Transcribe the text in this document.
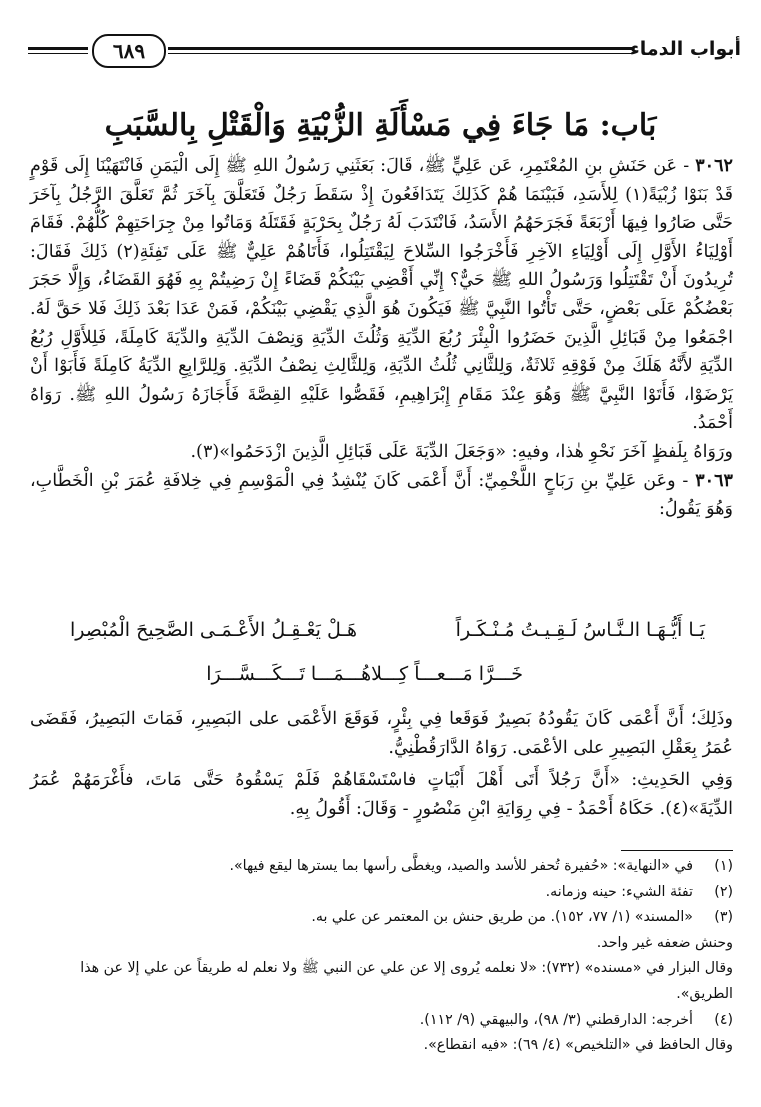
أبواب الدماء
٦٨٩
بَاب: مَا جَاءَ فِي مَسْأَلَةِ الزُّبْيَةِ وَالْقَتْلِ بِالسَّبَبِ

٣٠٦٢ - عَن حَنَشِ بنِ المُعْتَمِرِ، عَن عَلِيٍّ ﷺ، قَالَ: بَعَثَنِي رَسُولُ اللهِ ﷺ إِلَى الْيَمَنِ فَانْتَهَيْنَا إِلَى قَوْمٍ قَدْ بَنَوْا زُبْيَةً(١) لِلأَسَدِ، فَبَيْنَمَا هُمْ كَذَلِكَ يَتَدَافَعُونَ إِذْ سَقَطَ رَجُلٌ فَتَعَلَّقَ بِآخَرَ ثُمَّ تَعَلَّقَ الرَّجُلُ بِآخَرَ حَتَّى صَارُوا فِيهَا أَرْبَعَةً فَجَرَحَهُمُ الأَسَدُ، فَانْتَدَبَ لَهُ رَجُلٌ بِحَرْبَةٍ فَقَتَلَهُ وَمَاتُوا مِنْ جِرَاحَتِهِمْ كُلُّهُمْ. فَقَامَ أَوْلِيَاءُ الأَوَّلِ إِلَى أَوْلِيَاءِ الآخِرِ فَأَخْرَجُوا السِّلاحَ لِيَقْتَتِلُوا، فَأَتَاهُمْ عَلِيٌّ ﷺ عَلَى تَفِئَةِ(٢) ذَلِكَ فَقَالَ: تُرِيدُونَ أَنْ تَقْتَتِلُوا وَرَسُولُ اللهِ ﷺ حَيٌّ؟ إِنِّي أَقْضِي بَيْنَكُمْ قَضَاءً إِنْ رَضِيتُمْ بِهِ فَهُوَ القَضَاءُ، وَإِلَّا حَجَرَ بَعْضُكُمْ عَلَى بَعْضٍ، حَتَّى تَأْتُوا النَّبِيَّ ﷺ فَيَكُونَ هُوَ الَّذِي يَقْضِي بَيْنَكُمْ، فَمَنْ عَدَا بَعْدَ ذَلِكَ فَلا حَقَّ لَهُ. اجْمَعُوا مِنْ قَبَائِلِ الَّذِينَ حَضَرُوا الْبِئْرَ رُبُعَ الدِّيَةِ وَثُلُثَ الدِّيَةِ وَنِصْفَ الدِّيَةِ والدِّيَةَ كَامِلَةً، فَلِلأَوَّلِ رُبُعُ الدِّيَةِ لأَنَّهُ هَلَكَ مِنْ فَوْقِهِ ثَلاثَةٌ، وَلِلثَّانِي ثُلُثُ الدِّيَةِ، وَلِلثَّالِثِ نِصْفُ الدِّيَةِ. وَلِلرَّابِعِ الدِّيَةُ كَامِلَةً فَأَبَوْا أَنْ يَرْضَوْا، فَأَتَوْا النَّبِيَّ ﷺ وَهُوَ عِنْدَ مَقَامِ إِبْرَاهِيمِ، فَقَصُّوا عَلَيْهِ القِصَّةَ فَأَجَازَهُ رَسُولُ اللهِ ﷺ. رَوَاهُ أَحْمَدُ.

ورَوَاهُ بِلَفظٍ آخَرَ نَحْوِ هٰذا، وفيهِ: «وَجَعَلَ الدِّيَةَ عَلَى قَبَائِلِ الَّذِينَ ازْدَحَمُوا»(٣).

٣٠٦٣ - وعَن عَلِيِّ بنِ رَبَاحٍ اللَّخْمِيِّ: أَنَّ أَعْمَى كَانَ يُنْشِدُ فِي الْمَوْسِمِ فِي خِلافَةِ عُمَرَ بْنِ الْخَطَّابِ، وَهُوَ يَقُولُ:

يَـا أَيُّـهَـا الـنَّـاسُ لَـقِـيـتُ مُـنْـكَـراً
هَـلْ يَعْـقِـلُ الأَعْـمَـى الصَّحِيحَ الْمُبْصِرا
خَـــرَّا مَـــعـــاً كِـــلاهُـــمَـــا تَـــكَـــسَّـــرَا

وذَلِكَ؛ أَنَّ أَعْمَى كَانَ يَقُودُهُ بَصِيرٌ فَوَقَعا فِي بِئْرٍ، فَوَقَعَ الأَعْمَى على البَصِيرِ، فَمَاتَ البَصِيرُ، فَقَضَى عُمَرُ بِعَقْلِ البَصِيرِ على الأعْمَى. رَوَاهُ الدَّارَقُطْنِيُّ.

وَفِي الحَدِيثِ: «أَنَّ رَجُلاً أَتَى أَهْلَ أَبْيَاتٍ فاسْتَسْقَاهُمْ فَلَمْ يَسْقُوهُ حَتَّى مَاتَ، فأَغْرَمَهُمْ عُمَرُ الدِّيَةَ»(٤). حَكَاهُ أَحْمَدُ - فِي رِوَايَةِ ابْنِ مَنْصُورٍ - وَقَالَ: أَقُولُ بِهِ.

(١)
في «النهاية»: «حُفيرة تُحفر للأسد والصيد، ويغطَّى رأسها بما يسترها ليقع فيها».
(٢)
تفئة الشيء: حينه وزمانه.
(٣)
«المسند» (١/ ٧٧، ١٥٢). من طريق حنش بن المعتمر عن علي به.
وحنش ضعفه غير واحد.
وقال البزار في «مسنده» (٧٣٢): «لا نعلمه يُروى إلا عن علي عن النبي ﷺ ولا نعلم له طريقاً عن علي إلا عن هذا الطريق».
(٤)
أخرجه: الدارقطني (٣/ ٩٨)، والبيهقي (٩/ ١١٢).
وقال الحافظ في «التلخيص» (٤/ ٦٩): «فيه انقطاع».
